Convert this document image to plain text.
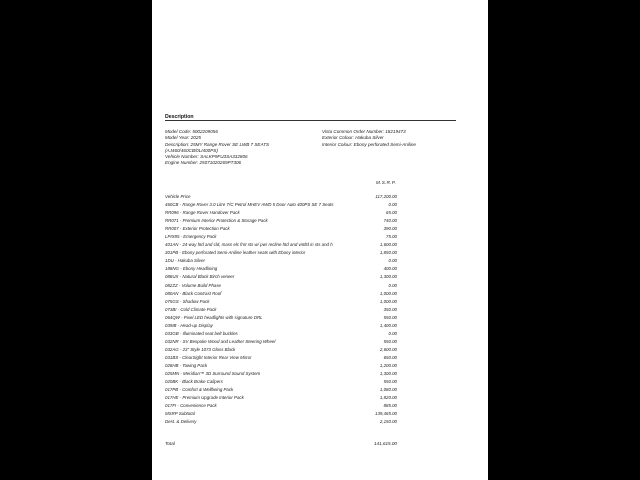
Description
Model Code: 5002209056
Model Year: 2025
Description: 25MY Range Rover SE LWB 7 SEATS
(AJ460/460CB/0LI400PS)
Vehicle Number: SALKP9FU3SA332806
Engine Number: 25071020269PT306
Vista Common Order Number: 18219473
Exterior Colour: Hakuba Silver
Interior Colour: Ebony perforated Semi-Aniline
M.S.R.P.
Vehicle Price	117,200.00
460CB - Range Rover 3.0 Litre T/C Petrol MHEV AWD 5 Door Auto 400PS SE 7 Seats	0.00
RR096 - Range Rover Handover Pack	65.00
RR071 - Premium Interior Protection & Storage Pack	740.00
RR007 - Exterior Protection Pack	390.00
LPIX85 - Emergency Pack	75.00
401AN - 24-way htd and cld, mass elc frnt sts w/ pwr recline htd and vntltd in sts and h	1,600.00
301PB - Ebony perforated Semi-Aniline leather seats with Ebony interior	1,850.00
1DU - Hakuba Silver	0.00
188NG - Ebony Headlining	400.00
088UX - Natural Black Birch veneer	1,300.00
082ZZ - Volume Build Phase	0.00
080AN - Black Contrast Roof	1,000.00
075GS - Shadow Pack	1,000.00
073BI - Cold Climate Pack	350.00
064QW - Pixel LED headlights with signature DRL	550.00
039IB - Head-up Display	1,400.00
033GB - Illuminated seat belt buckles	0.00
032NR - SV Bespoke Wood and Leather Steering Wheel	550.00
032AG - 23" Style 1073 Gloss Black	2,600.00
031BS - ClearSight Interior Rear View Mirror	650.00
028HB - Towing Pack	1,200.00
025MN - Meridian™ 3D Surround Sound System	1,300.00
020BK - Black Brake Calipers	550.00
017PB - Comfort & Wellbeing Pack	1,080.00
017HE - Premium Upgrade Interior Pack	1,820.00
017FI - Convenience Pack	885.00
MSRP Subtotal	139,465.00
Dest. & Delivery	2,150.00
Total	141,615.00
